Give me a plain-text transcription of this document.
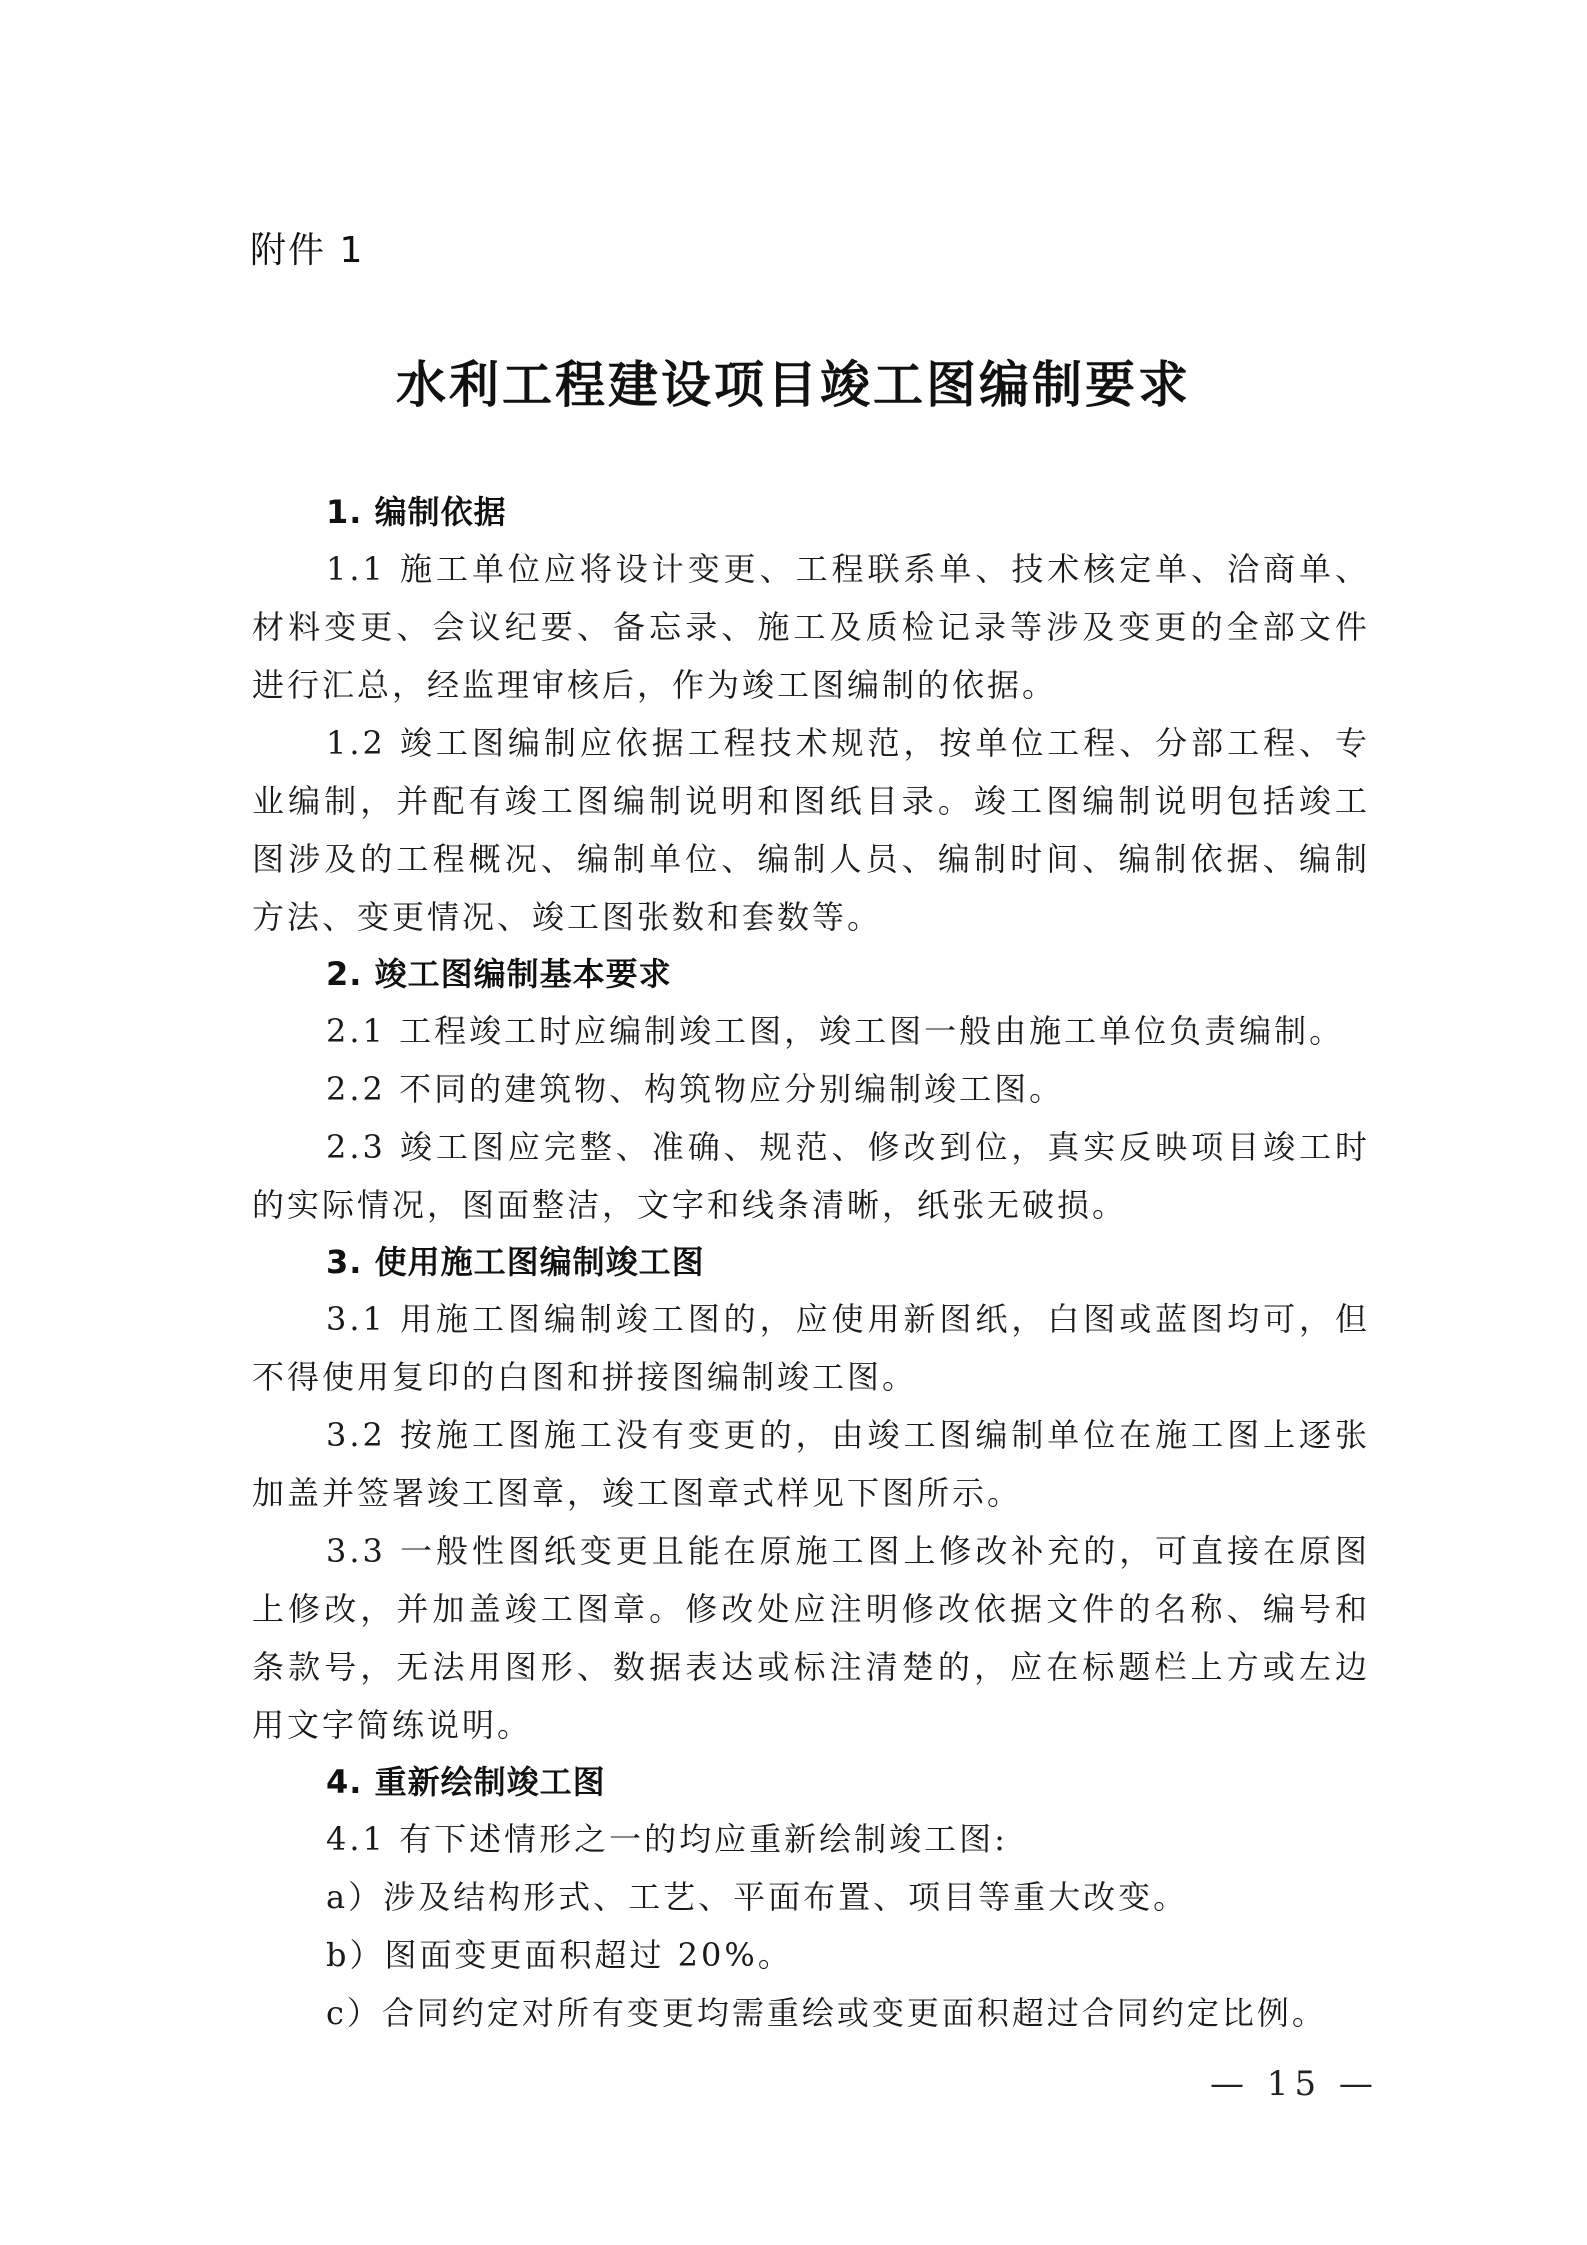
附件 1
水利工程建设项目竣工图编制要求
1. 编制依据

1.1 施工单位应将设计变更、工程联系单、技术核定单、洽商单、材料变更、会议纪要、备忘录、施工及质检记录等涉及变更的全部文件进行汇总，经监理审核后，作为竣工图编制的依据。

1.2 竣工图编制应依据工程技术规范，按单位工程、分部工程、专业编制，并配有竣工图编制说明和图纸目录。竣工图编制说明包括竣工图涉及的工程概况、编制单位、编制人员、编制时间、编制依据、编制方法、变更情况、竣工图张数和套数等。

2. 竣工图编制基本要求

2.1 工程竣工时应编制竣工图，竣工图一般由施工单位负责编制。

2.2 不同的建筑物、构筑物应分别编制竣工图。

2.3 竣工图应完整、准确、规范、修改到位，真实反映项目竣工时的实际情况，图面整洁，文字和线条清晰，纸张无破损。

3. 使用施工图编制竣工图

3.1 用施工图编制竣工图的，应使用新图纸，白图或蓝图均可，但不得使用复印的白图和拼接图编制竣工图。

3.2 按施工图施工没有变更的，由竣工图编制单位在施工图上逐张加盖并签署竣工图章，竣工图章式样见下图所示。

3.3 一般性图纸变更且能在原施工图上修改补充的，可直接在原图上修改，并加盖竣工图章。修改处应注明修改依据文件的名称、编号和条款号，无法用图形、数据表达或标注清楚的，应在标题栏上方或左边用文字简练说明。

4. 重新绘制竣工图

4.1 有下述情形之一的均应重新绘制竣工图:

a）涉及结构形式、工艺、平面布置、项目等重大改变。

b）图面变更面积超过 20%。

c）合同约定对所有变更均需重绘或变更面积超过合同约定比例。

— 15 —
